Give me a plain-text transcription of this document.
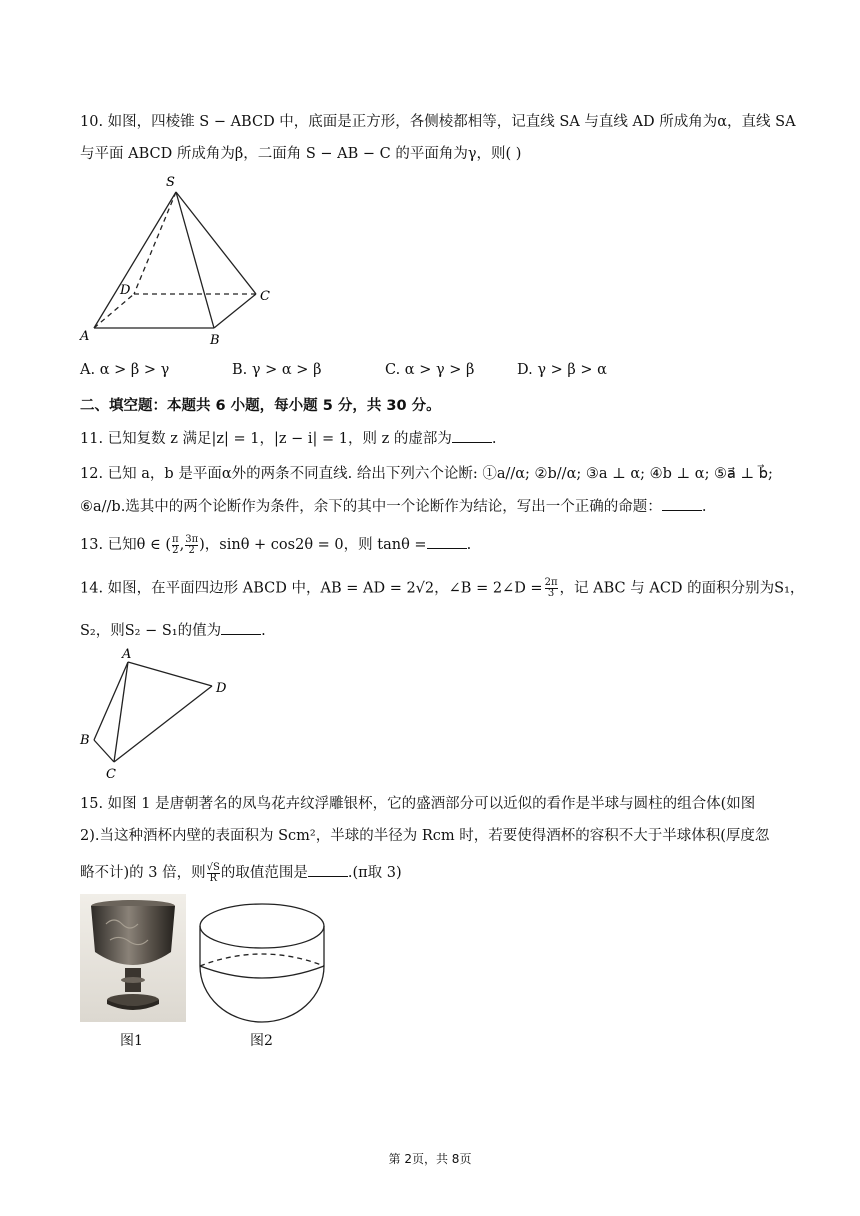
10. 如图，四棱锥 S − ABCD 中，底面是正方形，各侧棱都相等，记直线 SA 与直线 AD 所成角为α，直线 SA
与平面 ABCD 所成角为β，二面角 S − AB − C 的平面角为γ，则( )
S
A	B
C
D
A. α > β > γ	B. γ > α > β	C. α > γ > β	D. γ > β > α
二、填空题：本题共 6 小题，每小题 5 分，共 30 分。
11. 已知复数 z 满足|z| = 1，|z − i| = 1，则 z 的虚部为	.
12. 已知 a，b 是平面α外的两条不同直线. 给出下列六个论断: ①a//α; ②b//α; ③a ⊥ α; ④b ⊥ α; ⑤a⃗ ⊥ b⃗;
⑥a//b.选其中的两个论断作为条件，余下的其中一个论断作为结论，写出一个正确的命题：	.
13. 已知θ ∈ ( $\frac{\pi}{2}$ , $\frac{3\pi}{2}$ )，sinθ + cos2θ = 0，则 tanθ =	.
14. 如图，在平面四边形 ABCD 中，AB = AD = 2√2，∠B = 2∠D = $\frac{2\pi}{3}$ ，记 ABC 与 ACD 的面积分别为S₁，
S₂，则S₂ − S₁的值为	.
A
B
C
D
15. 如图 1 是唐朝著名的凤鸟花卉纹浮雕银杯，它的盛酒部分可以近似的看作是半球与圆柱的组合体(如图
2).当这种酒杯内壁的表面积为 Scm²，半球的半径为 Rcm 时，若要使得酒杯的容积不大于半球体积(厚度忽
略不计)的 3 倍，则 $\frac{√S}{R}$ 的取值范围是	.(π取 3)
图1	图2
第 2页，共 8页
